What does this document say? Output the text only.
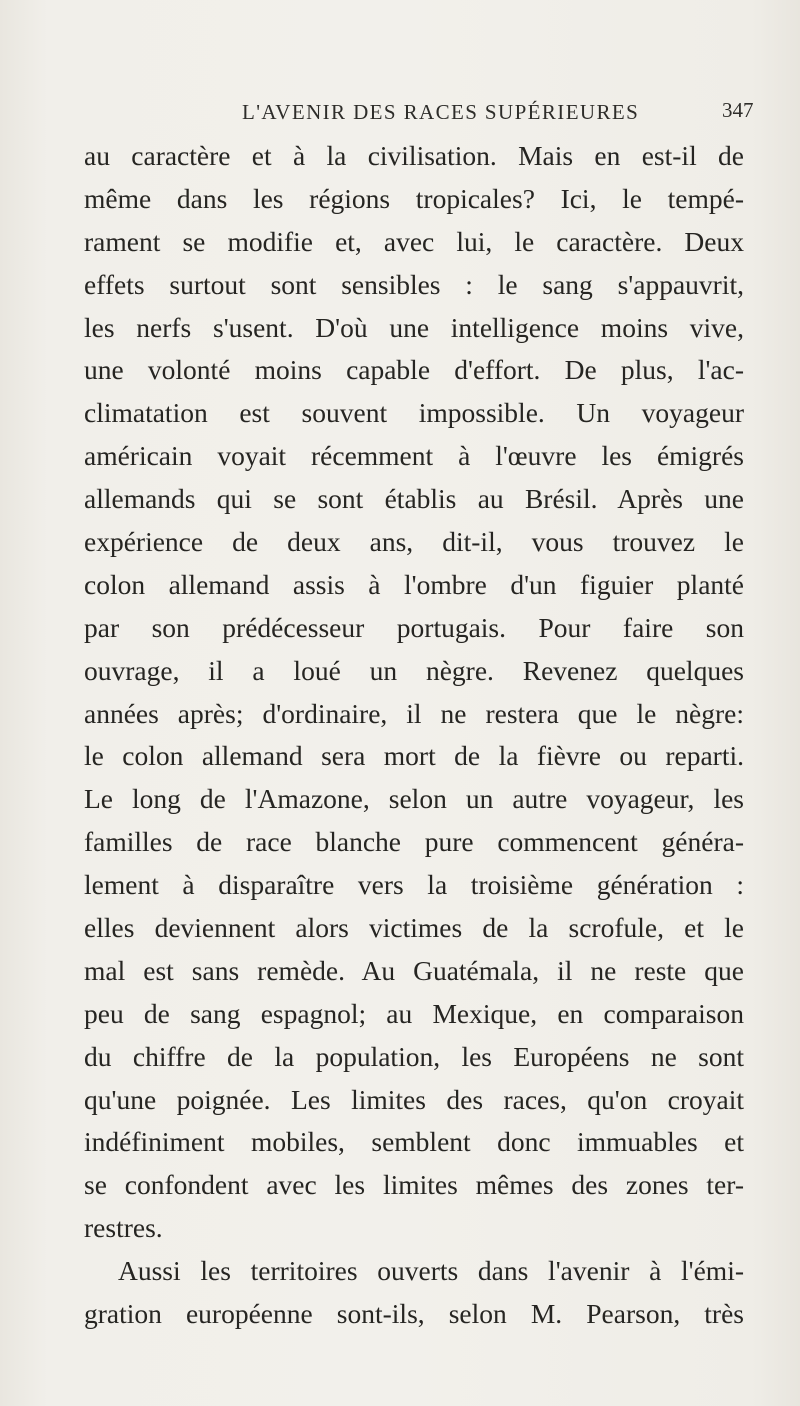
L'AVENIR DES RACES SUPÉRIEURES	347
au caractère et à la civilisation. Mais en est-il de
même dans les régions tropicales? Ici, le tempé-
rament se modifie et, avec lui, le caractère. Deux
effets surtout sont sensibles : le sang s'appauvrit,
les nerfs s'usent. D'où une intelligence moins vive,
une volonté moins capable d'effort. De plus, l'ac-
climatation est souvent impossible. Un voyageur
américain voyait récemment à l'œuvre les émigrés
allemands qui se sont établis au Brésil. Après une
expérience de deux ans, dit-il, vous trouvez le
colon allemand assis à l'ombre d'un figuier planté
par son prédécesseur portugais. Pour faire son
ouvrage, il a loué un nègre. Revenez quelques
années après; d'ordinaire, il ne restera que le nègre:
le colon allemand sera mort de la fièvre ou reparti.
Le long de l'Amazone, selon un autre voyageur, les
familles de race blanche pure commencent généra-
lement à disparaître vers la troisième génération :
elles deviennent alors victimes de la scrofule, et le
mal est sans remède. Au Guatémala, il ne reste que
peu de sang espagnol; au Mexique, en comparaison
du chiffre de la population, les Européens ne sont
qu'une poignée. Les limites des races, qu'on croyait
indéfiniment mobiles, semblent donc immuables et
se confondent avec les limites mêmes des zones ter-
restres.
Aussi les territoires ouverts dans l'avenir à l'émi-
gration européenne sont-ils, selon M. Pearson, très
